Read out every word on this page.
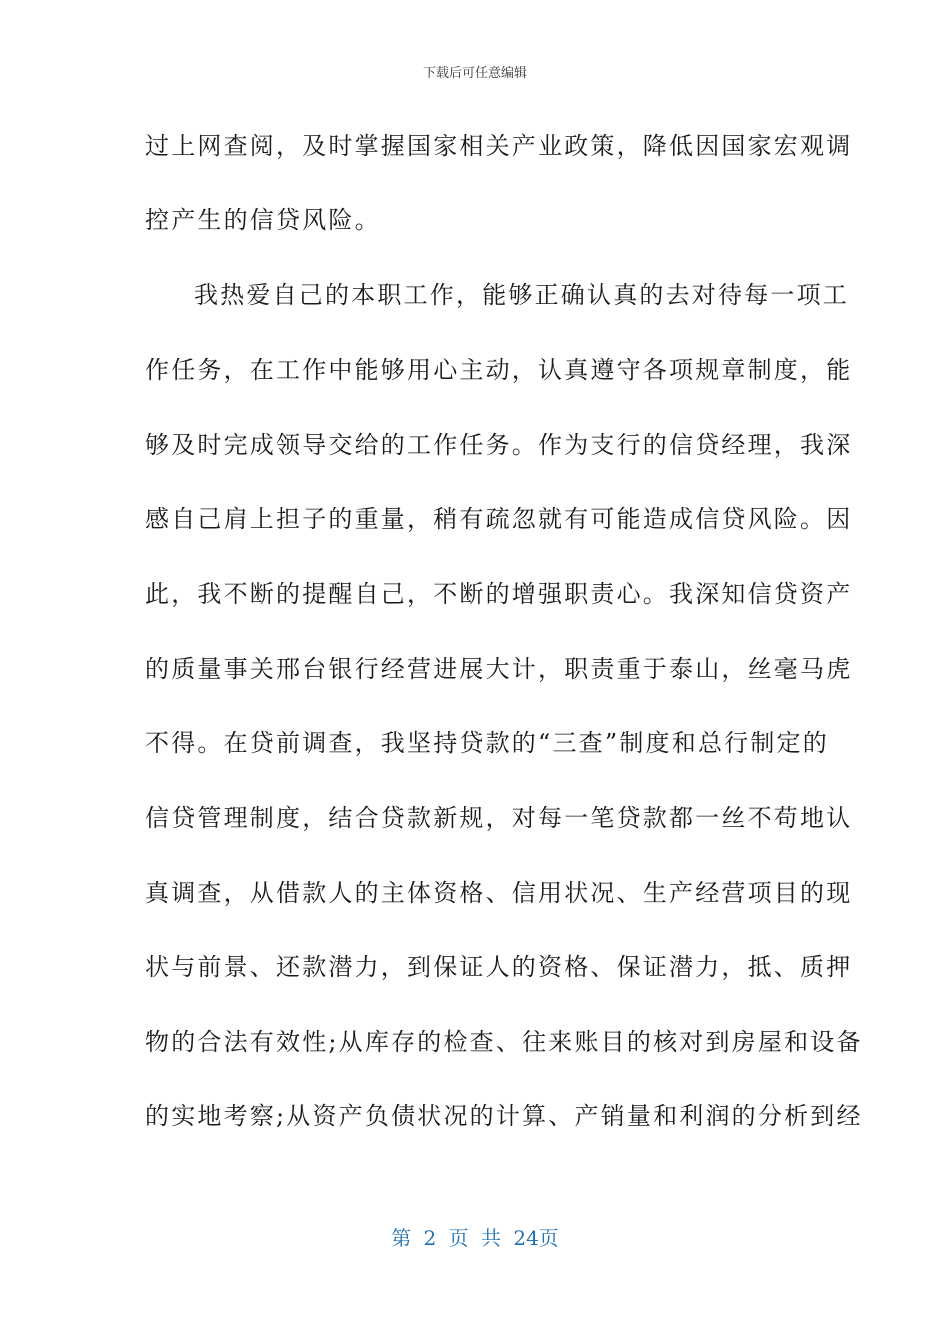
下载后可任意编辑
过上网查阅，及时掌握国家相关产业政策，降低因国家宏观调
控产生的信贷风险。
我热爱自己的本职工作，能够正确认真的去对待每一项工
作任务，在工作中能够用心主动，认真遵守各项规章制度，能
够及时完成领导交给的工作任务。作为支行的信贷经理，我深
感自己肩上担子的重量，稍有疏忽就有可能造成信贷风险。因
此，我不断的提醒自己，不断的增强职责心。我深知信贷资产
的质量事关邢台银行经营进展大计，职责重于泰山，丝毫马虎
不得。在贷前调查，我坚持贷款的“三查”制度和总行制定的
信贷管理制度，结合贷款新规，对每一笔贷款都一丝不苟地认
真调查，从借款人的主体资格、信用状况、生产经营项目的现
状与前景、还款潜力，到保证人的资格、保证潜力，抵、质押
物的合法有效性;从库存的检查、往来账目的核对到房屋和设备
的实地考察;从资产负债状况的计算、产销量和利润的分析到经
第 2 页 共 24页
